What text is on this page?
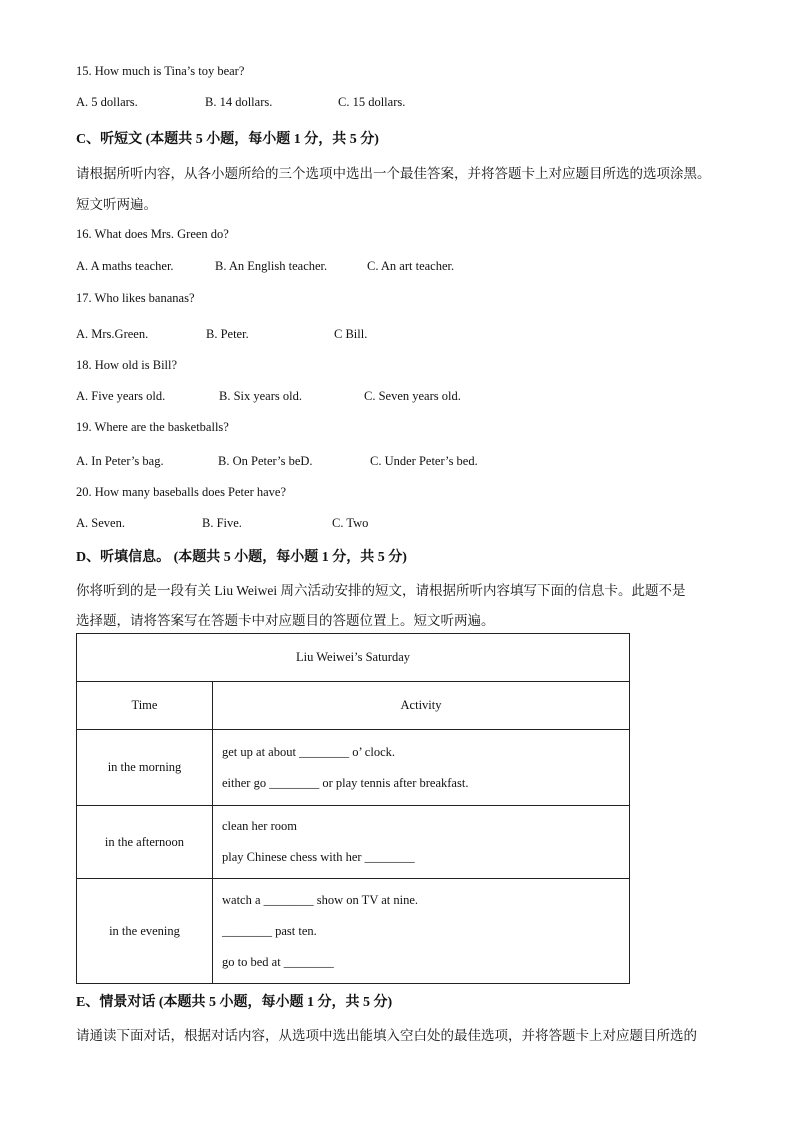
15. How much is Tina’s toy bear?
A. 5 dollars.	B. 14 dollars.	C. 15 dollars.
C、听短文 (本题共 5 小题，每小题 1 分，共 5 分)
请根据所听内容，从各小题所给的三个选项中选出一个最佳答案，并将答题卡上对应题目所选的选项涂黑。
短文听两遍。
16. What does Mrs. Green do?
A. A maths teacher.	B. An English teacher.	C. An art teacher.
17. Who likes bananas?
A. Mrs.Green.	B. Peter.	C Bill.
18. How old is Bill?
A. Five years old.	B. Six years old.	C. Seven years old.
19. Where are the basketballs?
A. In Peter’s bag.	B. On Peter’s beD.	C. Under Peter’s bed.
20. How many baseballs does Peter have?
A. Seven.	B. Five.	C. Two
D、听填信息。 (本题共 5 小题，每小题 1 分，共 5 分)
你将听到的是一段有关 Liu Weiwei 周六活动安排的短文，请根据所听内容填写下面的信息卡。此题不是
选择题，请将答案写在答题卡中对应题目的答题位置上。短文听两遍。
Liu Weiwei’s Saturday	
Time	Activity
in the morning	get up at about ________ o’ clock.
either go ________ or play tennis after breakfast.

in the afternoon	clean her room
play Chinese chess with her ________

in the evening	watch a ________ show on TV at nine.
________ past ten.
go to bed at ________
E、情景对话 (本题共 5 小题，每小题 1 分，共 5 分)
请通读下面对话，根据对话内容，从选项中选出能填入空白处的最佳选项，并将答题卡上对应题目所选的
